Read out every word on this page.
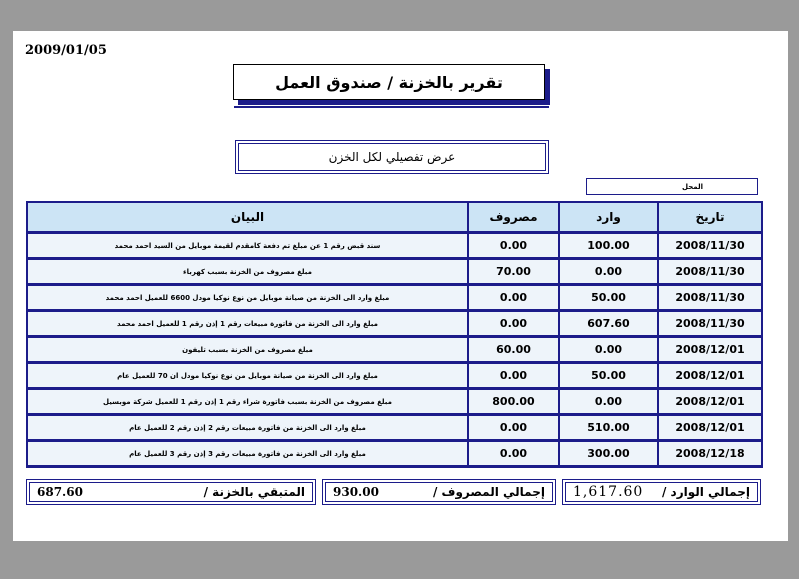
2009/01/05
تقرير بالخزنة / صندوق العمل
عرض تفصيلي لكل الخزن
المحل
البيان	مصروف	وارد	تاريخ
سند قبض رقم 1 عن مبلغ تم دفعة كامقدم لقيمة موبايل من السيد احمد محمد	0.00	100.00	2008/11/30
مبلغ مصروف من الخزنة بسبب كهرباء	70.00	0.00	2008/11/30
مبلغ وارد الى الخزنة من صيانة موبايل من نوع نوكيا مودل 6600 للعميل احمد محمد	0.00	50.00	2008/11/30
مبلغ وارد الى الخزنة من فاتورة مبيعات رقم 1 إذن رقم 1 للعميل احمد محمد	0.00	607.60	2008/11/30
مبلغ مصروف من الخزنة بسبب تليفون	60.00	0.00	2008/12/01
مبلغ وارد الى الخزنة من صيانة موبايل من نوع نوكيا مودل ان 70 للعميل عام	0.00	50.00	2008/12/01
مبلغ مصروف من الخزنة بسبب فاتورة شراء رقم 1 إذن رقم 1 للعميل شركة موبسيل	800.00	0.00	2008/12/01
مبلغ وارد الى الخزنة من فاتورة مبيعات رقم 2 إذن رقم 2 للعميل عام	0.00	510.00	2008/12/01
مبلغ وارد الى الخزنة من فاتورة مبيعات رقم 3 إذن رقم 3 للعميل عام	0.00	300.00	2008/12/18
687.60	المتبقي بالخزنة / 930.00	إجمالي المصروف / 1,617.60 إجمالي الوارد /
